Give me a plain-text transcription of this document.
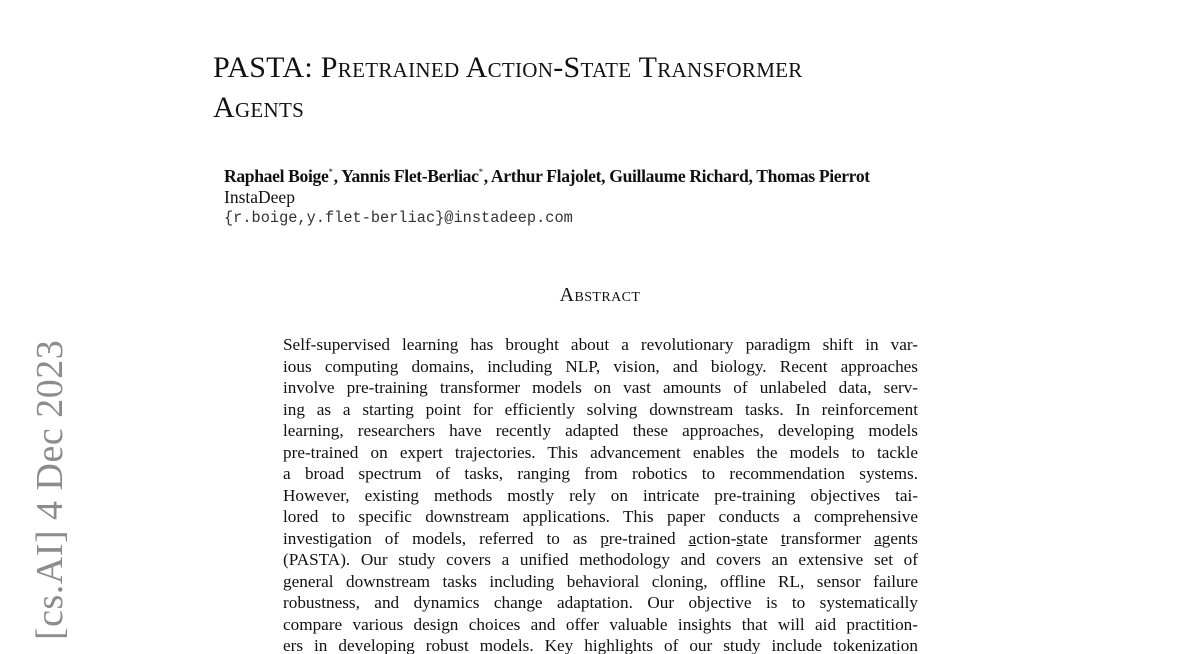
[cs.AI] 4 Dec 2023
PASTA: Pretrained Action-State Transformer
Agents
Raphael Boige*, Yannis Flet-Berliac*, Arthur Flajolet, Guillaume Richard, Thomas Pierrot
InstaDeep
{r.boige,y.flet-berliac}@instadeep.com
Abstract
Self-supervised learning has brought about a revolutionary paradigm shift in var-
ious computing domains, including NLP, vision, and biology. Recent approaches
involve pre-training transformer models on vast amounts of unlabeled data, serv-
ing as a starting point for efficiently solving downstream tasks. In reinforcement
learning, researchers have recently adapted these approaches, developing models
pre-trained on expert trajectories. This advancement enables the models to tackle
a broad spectrum of tasks, ranging from robotics to recommendation systems.
However, existing methods mostly rely on intricate pre-training objectives tai-
lored to specific downstream applications. This paper conducts a comprehensive
investigation of models, referred to as pre-trained action-state transformer agents
(PASTA). Our study covers a unified methodology and covers an extensive set of
general downstream tasks including behavioral cloning, offline RL, sensor failure
robustness, and dynamics change adaptation. Our objective is to systematically
compare various design choices and offer valuable insights that will aid practition-
ers in developing robust models. Key highlights of our study include tokenization
